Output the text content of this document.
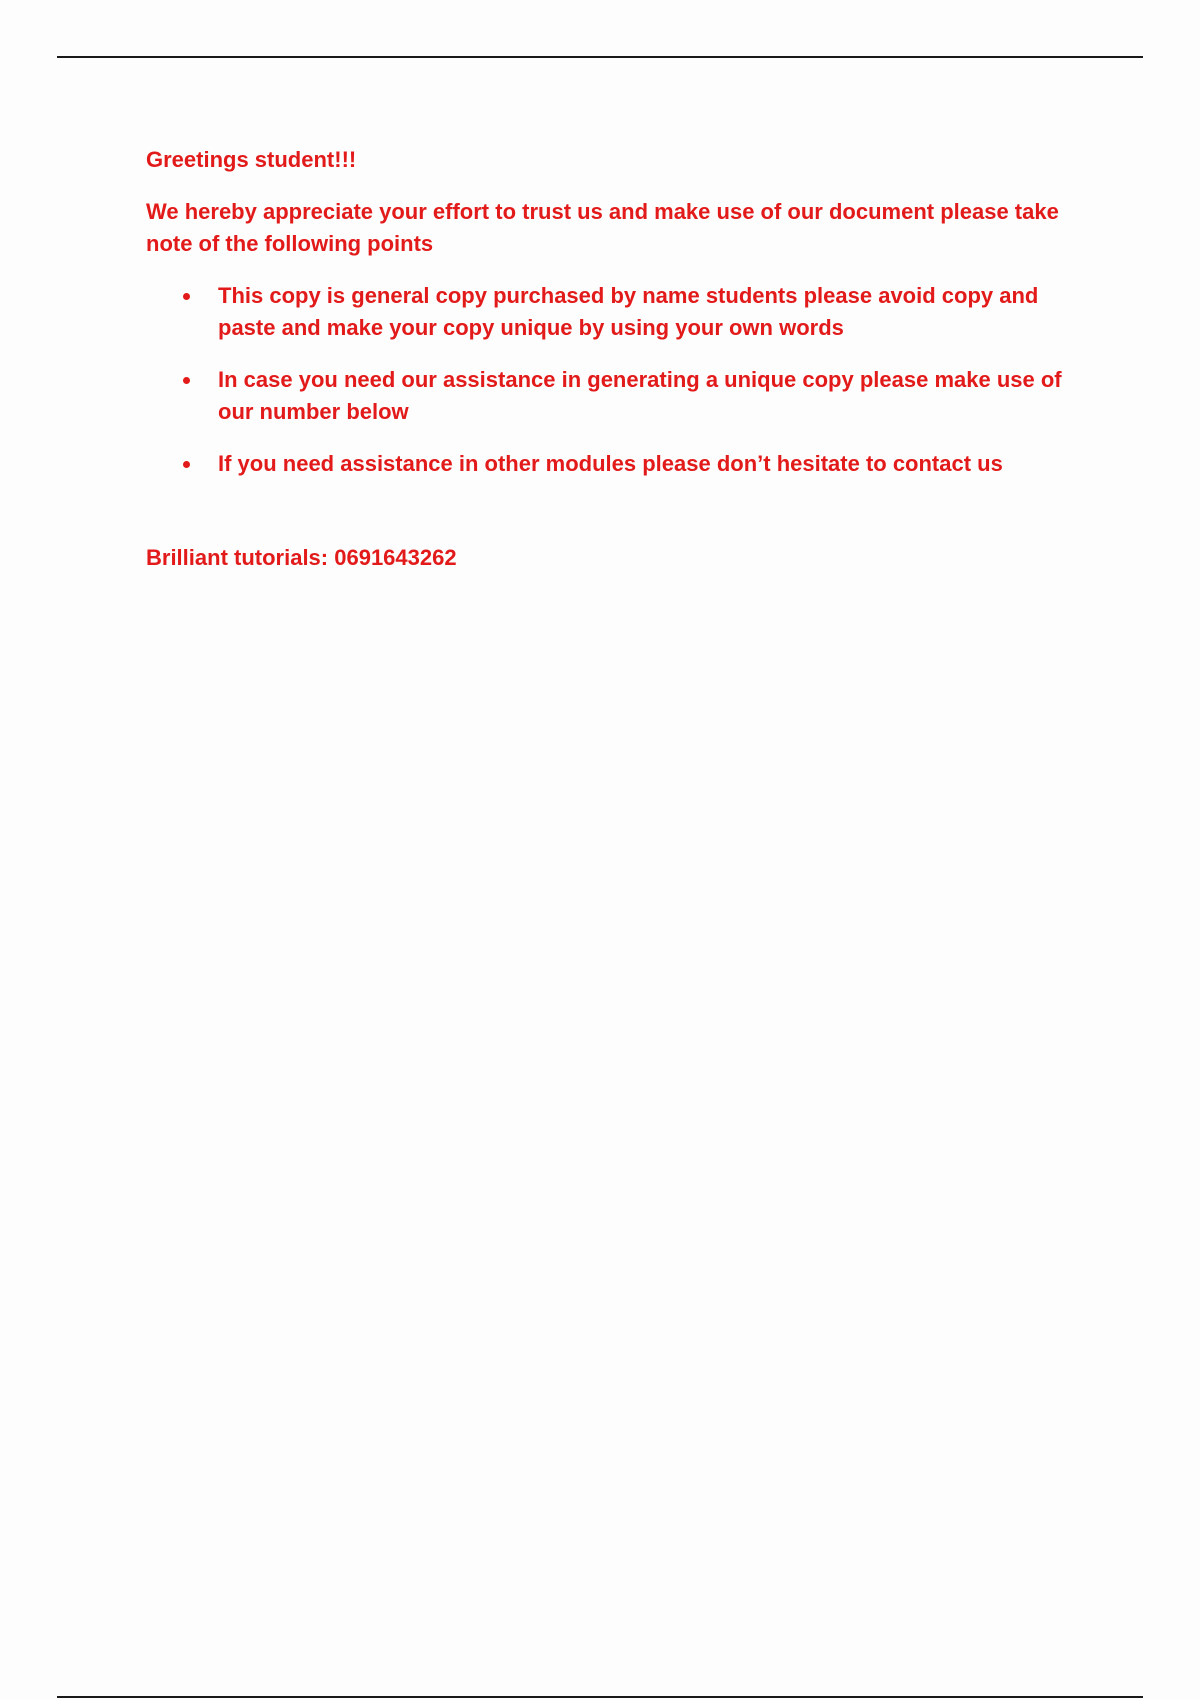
Greetings student!!!

We hereby appreciate your effort to trust us and make use of our document please take note of the following points

This copy is general copy purchased by name students please avoid copy and paste and make your copy unique by using your own words
In case you need our assistance in generating a unique copy please make use of our number below
If you need assistance in other modules please don’t hesitate to contact us

Brilliant tutorials: 0691643262
